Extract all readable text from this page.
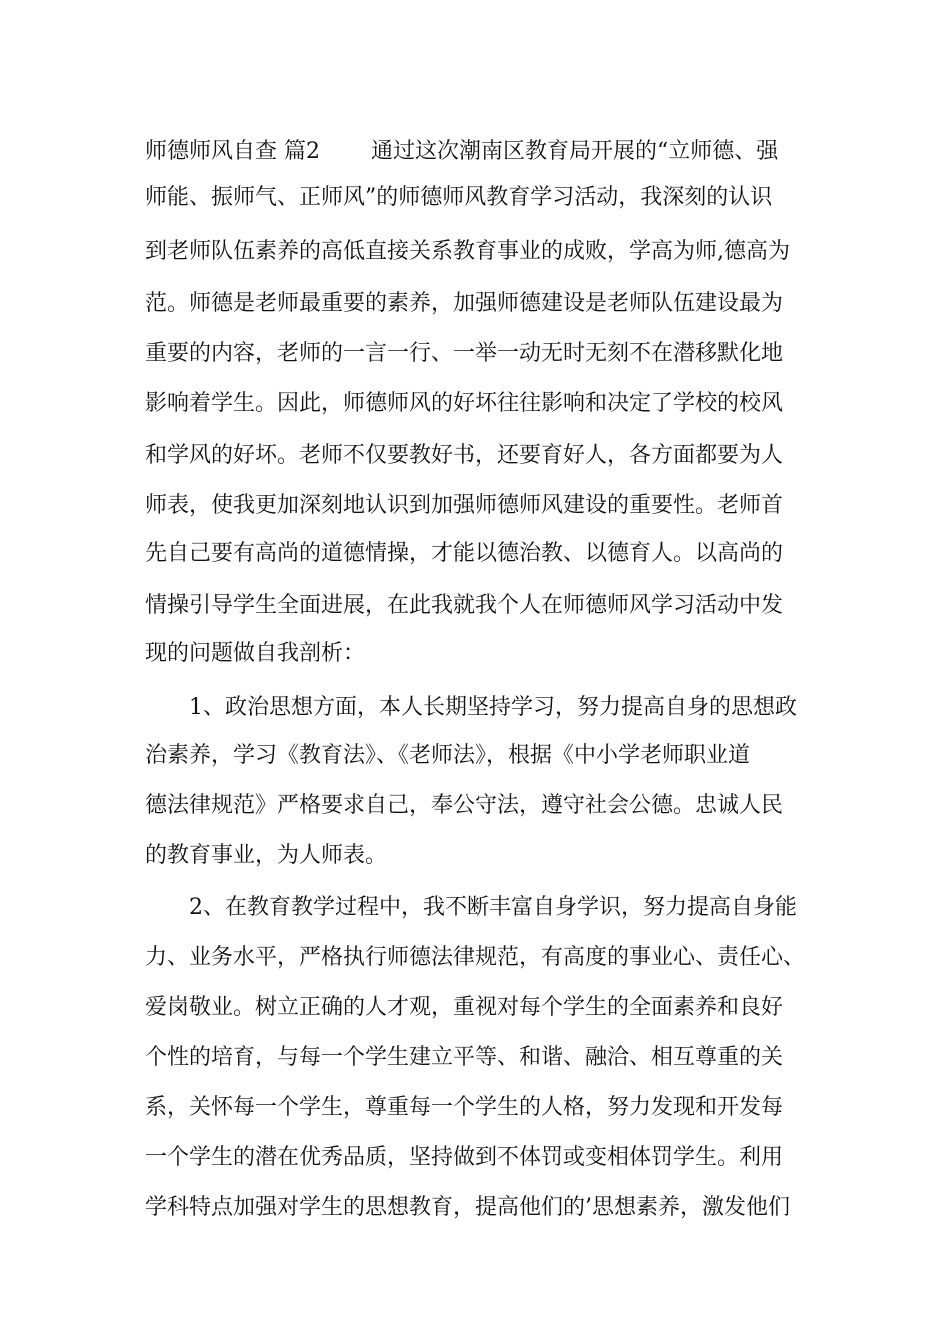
师德师风自查 篇2　　 通过这次潮南区教育局开展的“立师德、强
师能、振师气、正师风”的师德师风教育学习活动，我深刻的认识
到老师队伍素养的高低直接关系教育事业的成败，学高为师,德高为
范。师德是老师最重要的素养，加强师德建设是老师队伍建设最为
重要的内容，老师的一言一行、一举一动无时无刻不在潜移默化地
影响着学生。因此，师德师风的好坏往往影响和决定了学校的校风
和学风的好坏。老师不仅要教好书，还要育好人，各方面都要为人
师表，使我更加深刻地认识到加强师德师风建设的重要性。老师首
先自己要有高尚的道德情操，才能以德治教、以德育人。以高尚的
情操引导学生全面进展，在此我就我个人在师德师风学习活动中发
现的问题做自我剖析：
　　1、政治思想方面，本人长期坚持学习，努力提高自身的思想政
治素养，学习《教育法》、《老师法》，根据《中小学老师职业道
德法律规范》严格要求自己，奉公守法，遵守社会公德。忠诚人民
的教育事业，为人师表。
　　2、在教育教学过程中，我不断丰富自身学识，努力提高自身能
力、业务水平，严格执行师德法律规范，有高度的事业心、责任心、
爱岗敬业。树立正确的人才观，重视对每个学生的全面素养和良好
个性的培育，与每一个学生建立平等、和谐、融洽、相互尊重的关
系，关怀每一个学生，尊重每一个学生的人格，努力发现和开发每
一个学生的潜在优秀品质，坚持做到不体罚或变相体罚学生。利用
学科特点加强对学生的思想教育，提高他们的’思想素养，激发他们
